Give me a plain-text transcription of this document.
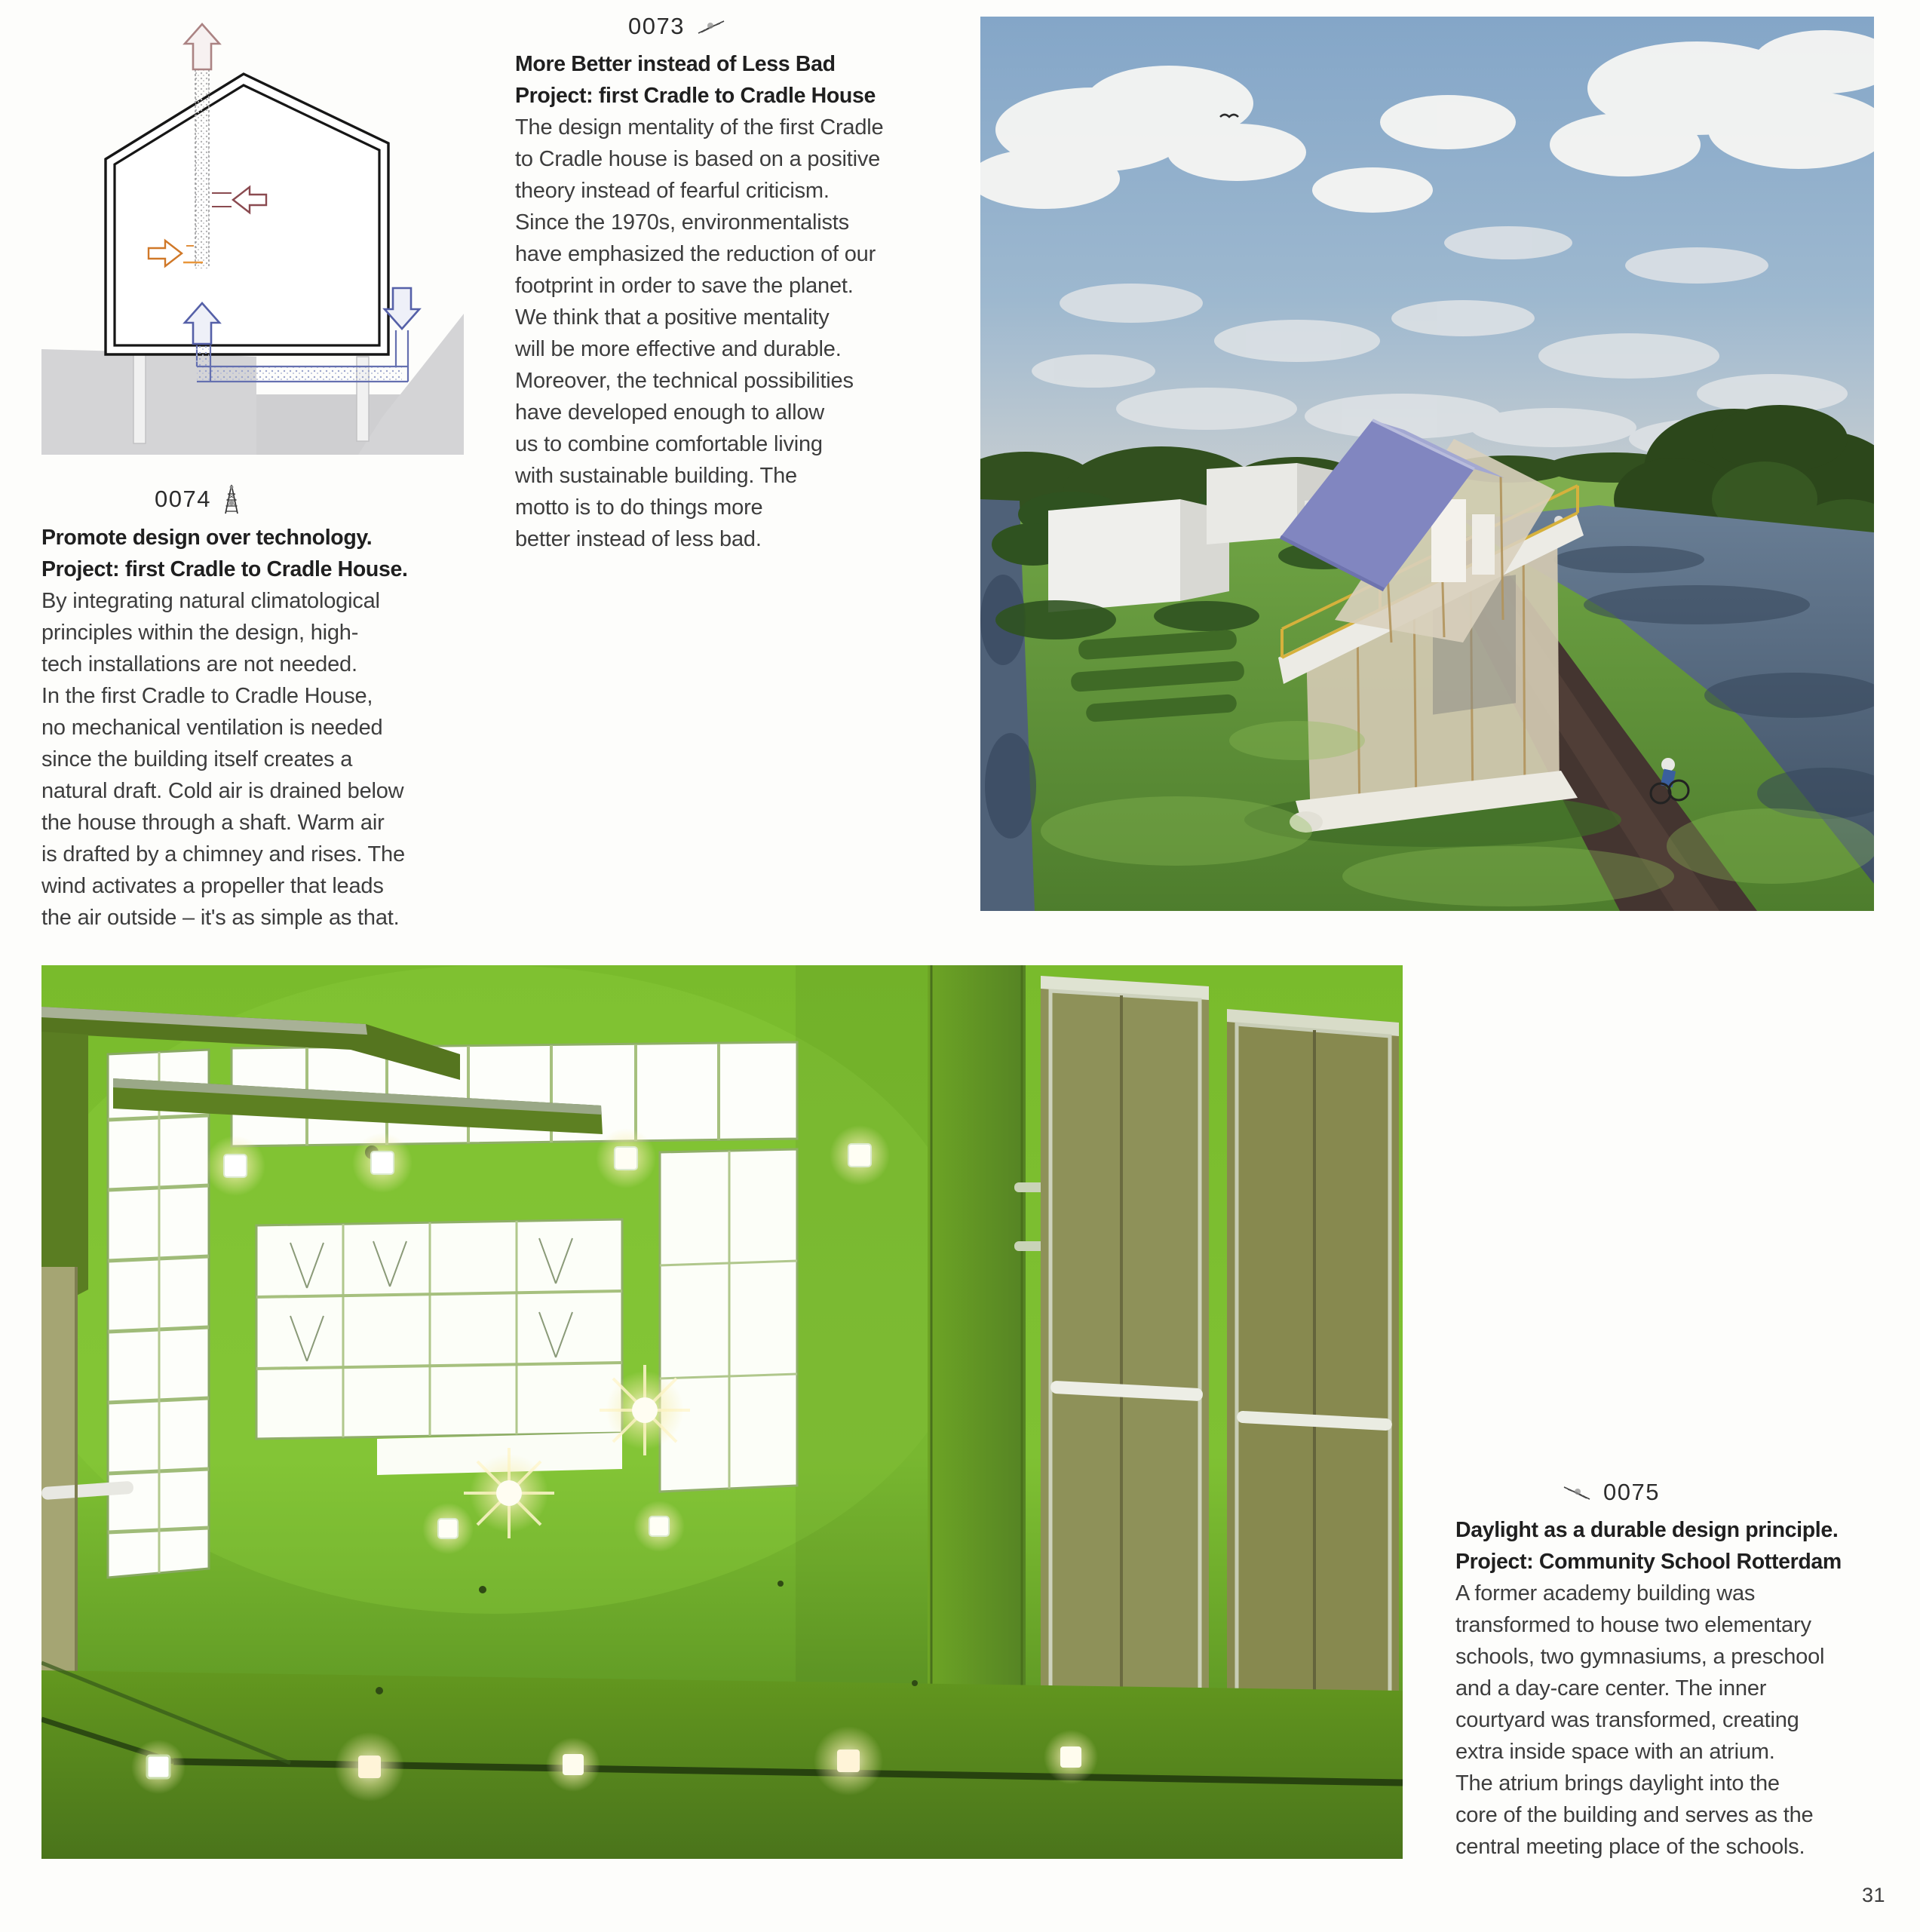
0073
More Better instead of Less Bad
Project: first Cradle to Cradle House
The design mentality of the first Cradle
to Cradle house is based on a positive
theory instead of fearful criticism.
Since the 1970s, environmentalists
have emphasized the reduction of our
footprint in order to save the planet.
We think that a positive mentality
will be more effective and durable.
Moreover, the technical possibilities
have developed enough to allow
us to combine comfortable living
with sustainable building. The
motto is to do things more
better instead of less bad.
0074
Promote design over technology.
Project: first Cradle to Cradle House.
By integrating natural climatological
principles within the design, high-
tech installations are not needed.
In the first Cradle to Cradle House,
no mechanical ventilation is needed
since the building itself creates a
natural draft. Cold air is drained below
the house through a shaft. Warm air
is drafted by a chimney and rises. The
wind activates a propeller that leads
the air outside – it's as simple as that.
0075
Daylight as a durable design principle.
Project: Community School Rotterdam
A former academy building was
transformed to house two elementary
schools, two gymnasiums, a preschool
and a day-care center. The inner
courtyard was transformed, creating
extra inside space with an atrium.
The atrium brings daylight into the
core of the building and serves as the
central meeting place of the schools.
31
